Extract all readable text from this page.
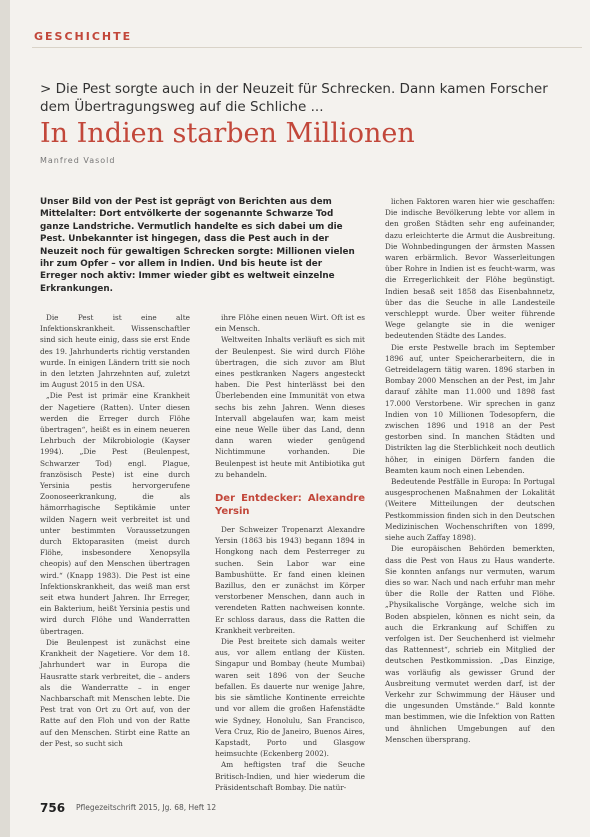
GESCHICHTE
> Die Pest sorgte auch in der Neuzeit für Schrecken. Dann kamen Forscher dem Übertragungsweg auf die Schliche ...
In Indien starben Millionen
Manfred Vasold
Unser Bild von der Pest ist geprägt von Berichten aus dem Mittelalter: Dort entvölkerte der sogenannte Schwarze Tod ganze Landstriche. Vermutlich handelte es sich dabei um die Pest. Unbekannter ist hingegen, dass die Pest auch in der Neuzeit noch für gewaltigen Schrecken sorgte: Millionen vielen ihr zum Opfer – vor allem in Indien. Und bis heute ist der Erreger noch aktiv: Immer wieder gibt es weltweit einzelne Erkrankungen.

Die Pest ist eine alte Infektionskrankheit. Wissenschaftler sind sich heute einig, dass sie erst Ende des 19. Jahrhunderts richtig verstanden wurde. In einigen Ländern tritt sie noch in den letzten Jahrzehnten auf, zuletzt im August 2015 in den USA.

„Die Pest ist primär eine Krankheit der Nagetiere (Ratten). Unter diesen werden die Erreger durch Flöhe übertragen“, heißt es in einem neueren Lehrbuch der Mikrobiologie (Kayser 1994). „Die Pest (Beulenpest, Schwarzer Tod) engl. Plague, französisch Peste) ist eine durch Yersinia pestis hervorgerufene Zoonoseerkrankung, die als hämorrhagische Septikämie unter wilden Nagern weit verbreitet ist und unter bestimmten Voraussetzungen durch Ektoparasiten (meist durch Flöhe, insbesondere Xenopsylla cheopis) auf den Menschen übertragen wird.“ (Knapp 1983). Die Pest ist eine Infektionskrankheit, das weiß man erst seit etwa hundert Jahren. Ihr Erreger, ein Bakterium, heißt Yersinia pestis und wird durch Flöhe und Wanderratten übertragen.

Die Beulenpest ist zunächst eine Krankheit der Nagetiere. Vor dem 18. Jahrhundert war in Europa die Hausratte stark verbreitet, die – anders als die Wanderratte – in enger Nachbarschaft mit Menschen lebte. Die Pest trat von Ort zu Ort auf, von der Ratte auf den Floh und von der Ratte auf den Menschen. Stirbt eine Ratte an der Pest, so sucht sich

ihre Flöhe einen neuen Wirt. Oft ist es ein Mensch.

Weltweiten Inhalts verläuft es sich mit der Beulenpest. Sie wird durch Flöhe übertragen, die sich zuvor am Blut eines pestkranken Nagers angesteckt haben. Die Pest hinterlässt bei den Überlebenden eine Immunität von etwa sechs bis zehn Jahren. Wenn dieses Intervall abgelaufen war, kam meist eine neue Welle über das Land, denn dann waren wieder genügend Nichtimmune vorhanden. Die Beulenpest ist heute mit Antibiotika gut zu behandeln.

Der Entdecker: Alexandre Yersin

Der Schweizer Tropenarzt Alexandre Yersin (1863 bis 1943) begann 1894 in Hongkong nach dem Pesterreger zu suchen. Sein Labor war eine Bambushütte. Er fand einen kleinen Bazillus, den er zunächst im Körper verstorbener Menschen, dann auch in verendeten Ratten nachweisen konnte. Er schloss daraus, dass die Ratten die Krankheit verbreiten.

Die Pest breitete sich damals weiter aus, vor allem entlang der Küsten. Singapur und Bombay (heute Mumbai) waren seit 1896 von der Seuche befallen. Es dauerte nur wenige Jahre, bis sie sämtliche Kontinente erreichte und vor allem die großen Hafenstädte wie Sydney, Honolulu, San Francisco, Vera Cruz, Rio de Janeiro, Buenos Aires, Kapstadt, Porto und Glasgow heimsuchte (Eckenberg 2002).

Am heftigsten traf die Seuche Britisch-Indien, und hier wiederum die Präsidentschaft Bombay. Die natür-

lichen Faktoren waren hier wie geschaffen: Die indische Bevölkerung lebte vor allem in den großen Städten sehr eng aufeinander, dazu erleichterte die Armut die Ausbreitung. Die Wohnbedingungen der ärmsten Massen waren erbärmlich. Bevor Wasserleitungen über Rohre in Indien ist es feucht-warm, was die Erregerlichkeit der Flöhe begünstigt. Indien besaß seit 1858 das Eisenbahnnetz, über das die Seuche in alle Landesteile verschleppt wurde. Über weiter führende Wege gelangte sie in die weniger bedeutenden Städte des Landes.

Die erste Pestwelle brach im September 1896 auf, unter Speicherarbeitern, die in Getreidelagern tätig waren. 1896 starben in Bombay 2000 Menschen an der Pest, im Jahr darauf zählte man 11.000 und 1898 fast 17.000 Verstorbene. Wir sprechen in ganz Indien von 10 Millionen Todesopfern, die zwischen 1896 und 1918 an der Pest gestorben sind. In manchen Städten und Distrikten lag die Sterblichkeit noch deutlich höher, in einigen Dörfern fanden die Beamten kaum noch einen Lebenden.

Bedeutende Pestfälle in Europa: In Portugal ausgesprochenen Maßnahmen der Lokalität (Weitere Mitteilungen der deutschen Pestkommission finden sich in den Deutschen Medizinischen Wochenschriften von 1899, siehe auch Zaffay 1898).

Die europäischen Behörden bemerkten, dass die Pest von Haus zu Haus wanderte. Sie konnten anfangs nur vermuten, warum dies so war. Nach und nach erfuhr man mehr über die Rolle der Ratten und Flöhe. „Physikalische Vorgänge, welche sich im Boden abspielen, können es nicht sein, da auch die Erkrankung auf Schiffen zu verfolgen ist. Der Seuchenherd ist vielmehr das Rattennest“, schrieb ein Mitglied der deutschen Pestkommission. „Das Einzige, was vorläufig als gewisser Grund der Ausbreitung vermutet werden darf, ist der Verkehr zur Schwimmung der Häuser und die ungesunden Umstände.“ Bald konnte man bestimmen, wie die Infektion von Ratten und ähnlichen Umgebungen auf den Menschen übersprang.

756 Pflegezeitschrift 2015, Jg. 68, Heft 12
